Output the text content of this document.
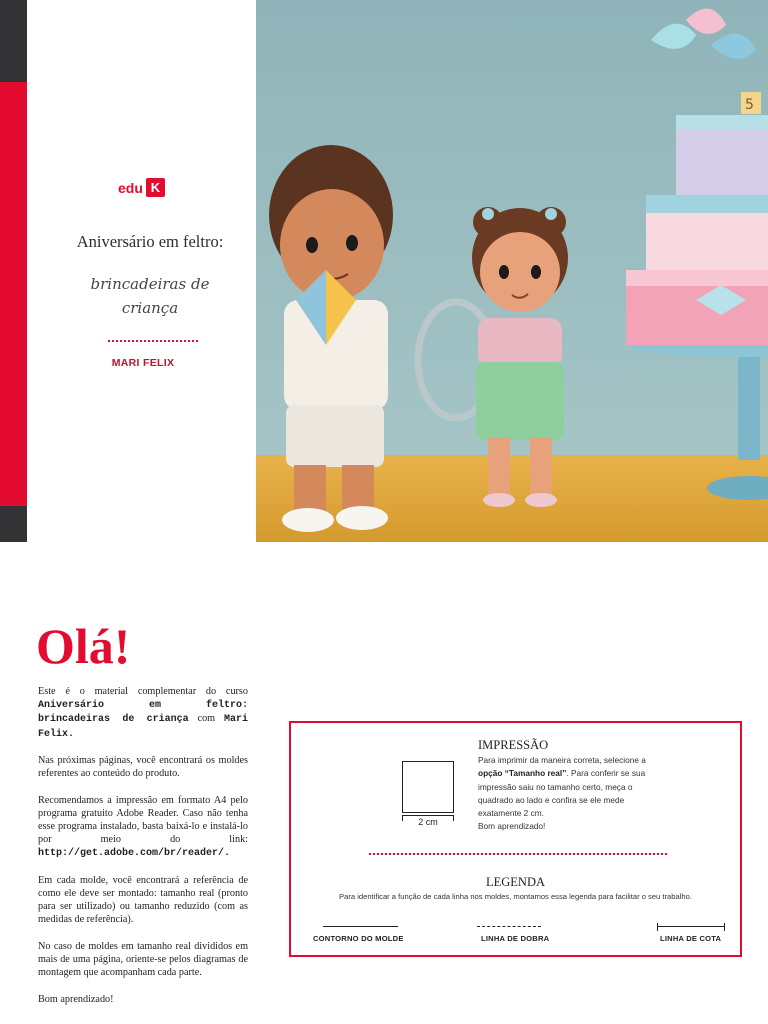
edu K
Aniversário em feltro:
brincadeiras de
criança
MARI FELIX
5
Olá!

Este é o material complementar do curso Aniversário em feltro: brincadeiras de criança com Mari Felix.

Nas próximas páginas, você encontrará os moldes referentes ao conteúdo do produto.

Recomendamos a impressão em formato A4 pelo programa gratuito Adobe Reader. Caso não tenha esse programa instalado, basta baixá-lo e instalá-lo por meio do link: http://get.adobe.com/br/reader/.

Em cada molde, você encontrará a referência de como ele deve ser montado: tamanho real (pronto para ser utilizado) ou tamanho reduzido (com as medidas de referência).

No caso de moldes em tamanho real divididos em mais de uma página, oriente-se pelos diagramas de montagem que acompanham cada parte.

Bom aprendizado!

IMPRESSÃO
2 cm
Para imprimir da maneira correta, selecione a opção “Tamanho real”. Para conferir se sua impressão saiu no tamanho certo, meça o quadrado ao lado e confira se ele mede exatamente 2 cm.
Bom aprendizado!
LEGENDA
Para identificar a função de cada linha nos moldes, montamos essa legenda para facilitar o seu trabalho.
CONTORNO DO MOLDE	LINHA DE DOBRA	LINHA DE COTA
